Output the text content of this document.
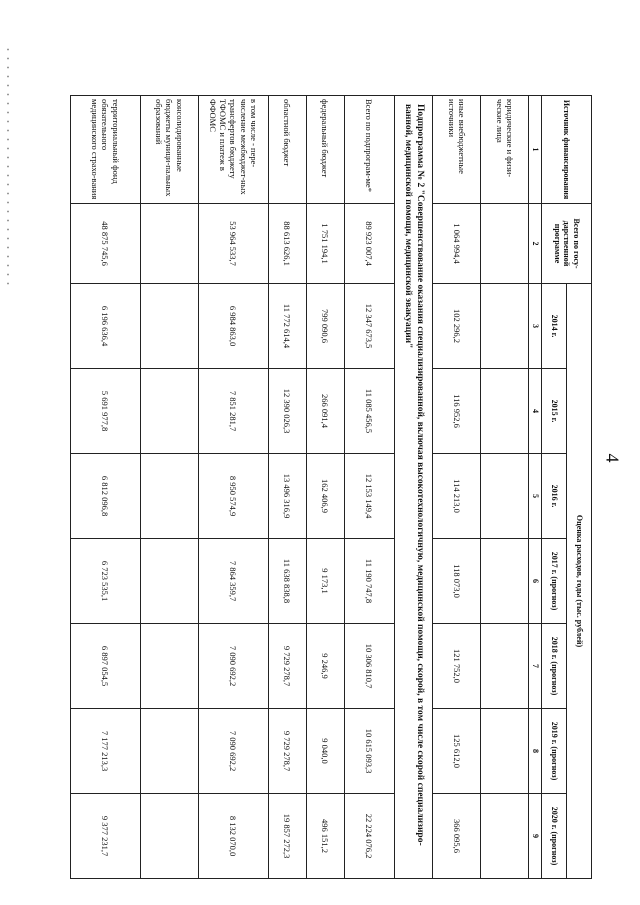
4
Источник финансирования	Всего по госу-дарственной программе	Оценка расходов, годы (тыс. рублей)						
		2014 г.	2015 г.	2016 г.	2017 г. (прогноз)	2018 г. (прогноз)	2019 г. (прогноз)	2020 г. (прогноз)
1	2	3	4	5	6	7	8	9
юридические и физи-ческие лица								
иные внебюджетные источники	1 064 994,4	102 296,2	116 952,6	114 213,0	118 073,0	121 752,0	125 612,0	366 095,6
Подпрограмма № 2 "Совершенствование оказания специализированной, включая высокотехнологичную, медицинской помощи, скорой, в том числе скорой специализиро-ванной, медицинской помощи, медицинской эвакуации"								
Всего по подпрограм-ме*	89 923 007,4	12 347 673,5	11 085 456,5	12 153 149,4	11 190 747,8	10 306 810,7	10 615 093,3	22 224 076,2
федеральный бюджет	1 751 194,1	799 090,6	266 091,4	162 406,9	9 173,1	9 246,9	9 040,0	496 151,2
областной бюджет	88 613 626,1	11 772 614,4	12 390 026,3	13 496 316,9	11 638 838,8	9 729 278,7	9 729 278,7	19 857 272,3
в том числе - пере-числение межбюджет-ных трансфертов бюджету ТФОМС и платеж в ФФОМС	53 964 533,7	6 984 863,0	7 851 281,7	8 950 574,9	7 864 359,7	7 090 692,2	7 090 692,2	8 132 070,0
консолидированные бюджеты муници-пальных образований								
территориальный фонд обязательного медицинского страхо-вания	48 875 745,6	6 196 636,4	5 691 977,8	6 812 096,8	6 723 535,1	6 897 054,5	7 177 213,3	9 377 231,7
